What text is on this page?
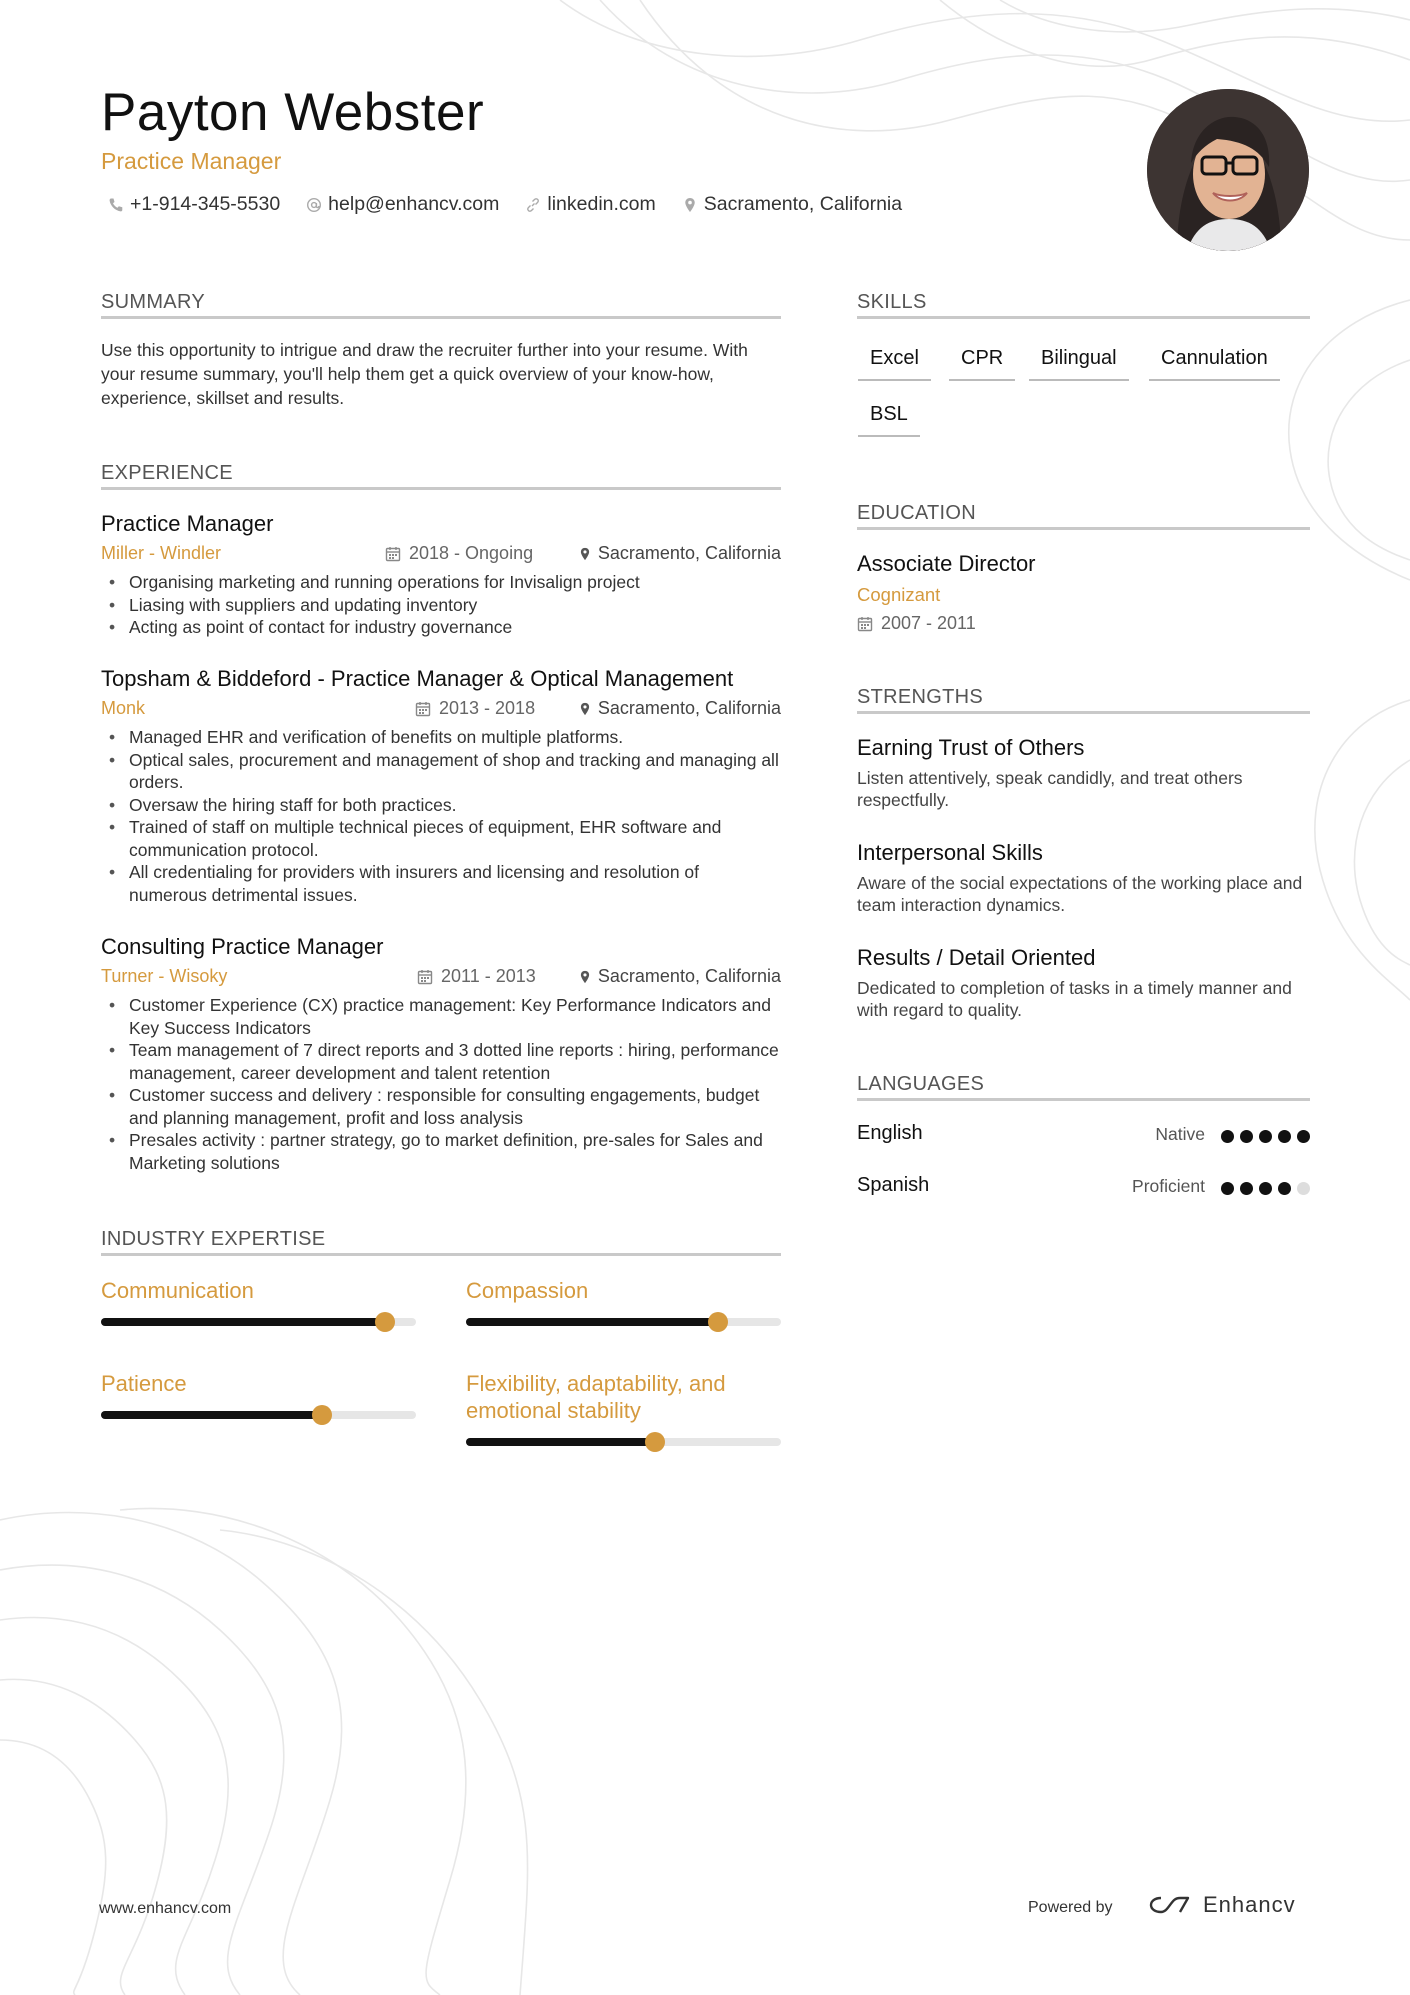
Payton Webster
Practice Manager
+1-914-345-5530 help@enhancv.com linkedin.com Sacramento, California
SUMMARY
Use this opportunity to intrigue and draw the recruiter further into your resume. With your resume summary, you'll help them get a quick overview of your know-how, experience, skillset and results.
EXPERIENCE
Practice Manager
Miller - Windler	2018 - Ongoing	Sacramento, California
• Organising marketing and running operations for Invisalign project
• Liasing with suppliers and updating inventory
• Acting as point of contact for industry governance
Topsham & Biddeford - Practice Manager & Optical Management
Monk	2013 - 2018	Sacramento, California
• Managed EHR and verification of benefits on multiple platforms.
• Optical sales, procurement and management of shop and tracking and managing all orders.
• Oversaw the hiring staff for both practices.
• Trained of staff on multiple technical pieces of equipment, EHR software and communication protocol.
• All credentialing for providers with insurers and licensing and resolution of numerous detrimental issues.
Consulting Practice Manager
Turner - Wisoky	2011 - 2013	Sacramento, California
• Customer Experience (CX) practice management: Key Performance Indicators and Key Success Indicators
• Team management of 7 direct reports and 3 dotted line reports : hiring, performance management, career development and talent retention
• Customer success and delivery : responsible for consulting engagements, budget and planning management, profit and loss analysis
• Presales activity : partner strategy, go to market definition, pre-sales for Sales and Marketing solutions
INDUSTRY EXPERTISE
Communication	Compassion
Patience	Flexibility, adaptability, and emotional stability
SKILLS
Excel	CPR	Bilingual	Cannulation
BSL
EDUCATION
Associate Director
Cognizant
2007 - 2011
STRENGTHS
Earning Trust of Others
Listen attentively, speak candidly, and treat others respectfully.
Interpersonal Skills
Aware of the social expectations of the working place and team interaction dynamics.
Results / Detail Oriented
Dedicated to completion of tasks in a timely manner and with regard to quality.
LANGUAGES
English	Native
Spanish	Proficient
www.enhancv.com	Powered by	Enhancv
